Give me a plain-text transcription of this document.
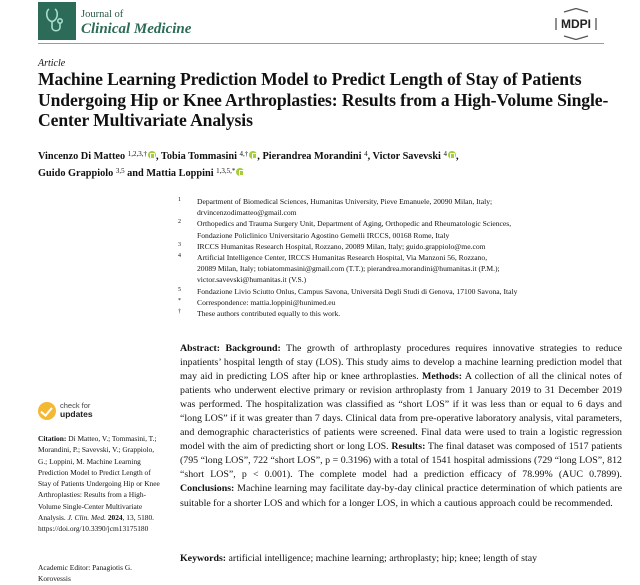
Journal of
Clinical Medicine	MDPI
Article
Machine Learning Prediction Model to Predict Length of Stay of Patients Undergoing Hip or Knee Arthroplasties: Results from a High-Volume Single-Center Multivariate Analysis
Vincenzo Di Matteo $^{1,2,3,\dagger}$ , Tobia Tommasini $^{4,\dagger}$ , Pierandrea Morandini $^4$, Victor Savevski $^4$ ,
Guido Grappiolo $^{3,5}$ and Mattia Loppini $^{1,3,5,*}$
1 Department of Biomedical Sciences, Humanitas University, Pieve Emanuele, 20090 Milan, Italy;
drvincenzodimatteo@gmail.com
2 Orthopedics and Trauma Surgery Unit, Department of Aging, Orthopedic and Rheumatologic Sciences,
Fondazione Policlinico Universitario Agostino Gemelli IRCCS, 00168 Rome, Italy
3 IRCCS Humanitas Research Hospital, Rozzano, 20089 Milan, Italy; guido.grappiolo@me.com
4 Artificial Intelligence Center, IRCCS Humanitas Research Hospital, Via Manzoni 56, Rozzano,
20089 Milan, Italy; tobiatommasini@gmail.com (T.T.); pierandrea.morandini@humanitas.it (P.M.);
victor.savevski@humanitas.it (V.S.)
5 Fondazione Livio Sciutto Onlus, Campus Savona, Università Degli Studi di Genova, 17100 Savona, Italy
* Correspondence: mattia.loppini@hunimed.eu
† These authors contributed equally to this work.
Abstract: Background: The growth of arthroplasty procedures requires innovative strategies to reduce inpatients’ hospital length of stay (LOS). This study aims to develop a machine learning prediction model that may aid in predicting LOS after hip or knee arthroplasties. Methods: A collection of all the clinical notes of patients who underwent elective primary or revision arthroplasty from 1 January 2019 to 31 December 2019 was performed. The hospitalization was classified as “short LOS” if it was less than or equal to 6 days and “long LOS” if it was greater than 7 days. Clinical data from pre-operative laboratory analysis, vital parameters, and demographic characteristics of patients were screened. Final data were used to train a logistic regression model with the aim of predicting short or long LOS. Results: The final dataset was composed of 1517 patients (795 “long LOS”, 722 “short LOS”, p = 0.3196) with a total of 1541 hospital admissions (729 “long LOS”, 812 “short LOS”, p < 0.001). The complete model had a prediction efficacy of 78.99% (AUC 0.7899). Conclusions: Machine learning may facilitate day-by-day clinical practice determination of which patients are suitable for a shorter LOS and which for a longer LOS, in which a cautious approach could be recommended.
Keywords: artificial intelligence; machine learning; arthroplasty; hip; knee; length of stay
check for
updates
Citation: Di Matteo, V.; Tommasini, T.; Morandini, P.; Savevski, V.; Grappiolo, G.; Loppini, M. Machine Learning Prediction Model to Predict Length of Stay of Patients Undergoing Hip or Knee Arthroplasties: Results from a High-Volume Single-Center Multivariate Analysis. J. Clin. Med. 2024, 13, 5180. https://doi.org/10.3390/jcm13175180
Academic Editor: Panagiotis G. Korovessis
